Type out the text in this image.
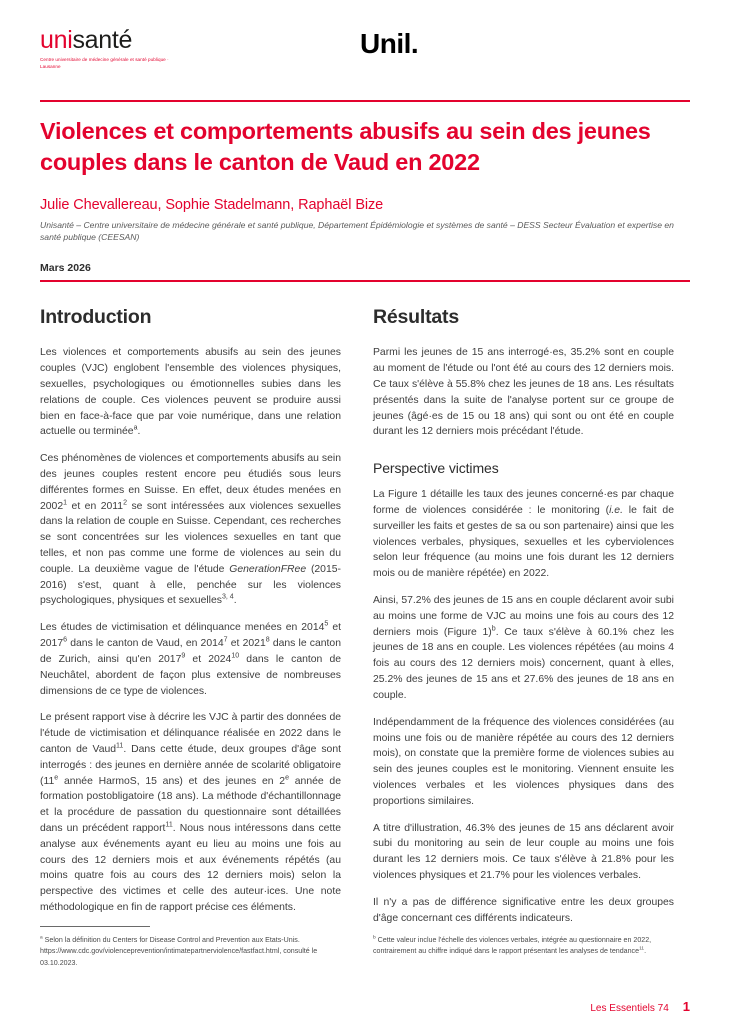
unisanté
Centre universitaire de médecine générale et santé publique · Lausanne
Unil.
Violences et comportements abusifs au sein des jeunes couples dans le canton de Vaud en 2022
Julie Chevallereau, Sophie Stadelmann, Raphaël Bize
Unisanté – Centre universitaire de médecine générale et santé publique, Département Épidémiologie et systèmes de santé – DESS Secteur Évaluation et expertise en santé publique (CEESAN)
Mars 2026
Introduction

Les violences et comportements abusifs au sein des jeunes couples (VJC) englobent l'ensemble des violences physiques, sexuelles, psychologiques ou émotionnelles subies dans les relations de couple. Ces violences peuvent se produire aussi bien en face-à-face que par voie numérique, dans une relation actuelle ou terminée$^a$.

Ces phénomènes de violences et comportements abusifs au sein des jeunes couples restent encore peu étudiés sous leurs différentes formes en Suisse. En effet, deux études menées en 2002$^1$ et en 2011$^2$ se sont intéressées aux violences sexuelles dans la relation de couple en Suisse. Cependant, ces recherches se sont concentrées sur les violences sexuelles en tant que telles, et non pas comme une forme de violences au sein du couple. La deuxième vague de l'étude GenerationFRee (2015-2016) s'est, quant à elle, penchée sur les violences psychologiques, physiques et sexuelles$^{3, 4}$.

Les études de victimisation et délinquance menées en 2014$^5$ et 2017$^6$ dans le canton de Vaud, en 2014$^7$ et 2021$^8$ dans le canton de Zurich, ainsi qu'en 2017$^9$ et 2024$^{10}$ dans le canton de Neuchâtel, abordent de façon plus extensive de nombreuses dimensions de ce type de violences.

Le présent rapport vise à décrire les VJC à partir des données de l'étude de victimisation et délinquance réalisée en 2022 dans le canton de Vaud$^{11}$. Dans cette étude, deux groupes d'âge sont interrogés : des jeunes en dernière année de scolarité obligatoire (11e année HarmoS, 15 ans) et des jeunes en 2e année de formation postobligatoire (18 ans). La méthode d'échantillonnage et la procédure de passation du questionnaire sont détaillées dans un précédent rapport$^{11}$. Nous nous intéressons dans cette analyse aux événements ayant eu lieu au moins une fois au cours des 12 derniers mois et aux événements répétés (au moins quatre fois au cours des 12 derniers mois) selon la perspective des victimes et celle des auteur·ices. Une note méthodologique en fin de rapport précise ces éléments.

Résultats

Parmi les jeunes de 15 ans interrogé·es, 35.2% sont en couple au moment de l'étude ou l'ont été au cours des 12 derniers mois. Ce taux s'élève à 55.8% chez les jeunes de 18 ans. Les résultats présentés dans la suite de l'analyse portent sur ce groupe de jeunes (âgé·es de 15 ou 18 ans) qui sont ou ont été en couple durant les 12 derniers mois précédant l'étude.

Perspective victimes

La Figure 1 détaille les taux des jeunes concerné·es par chaque forme de violences considérée : le monitoring (i.e. le fait de surveiller les faits et gestes de sa ou son partenaire) ainsi que les violences verbales, physiques, sexuelles et les cyberviolences selon leur fréquence (au moins une fois durant les 12 derniers mois ou de manière répétée) en 2022.

Ainsi, 57.2% des jeunes de 15 ans en couple déclarent avoir subi au moins une forme de VJC au moins une fois au cours des 12 derniers mois (Figure 1)$^b$. Ce taux s'élève à 60.1% chez les jeunes de 18 ans en couple. Les violences répétées (au moins 4 fois au cours des 12 derniers mois) concernent, quant à elles, 25.2% des jeunes de 15 ans et 27.6% des jeunes de 18 ans en couple.

Indépendamment de la fréquence des violences considérées (au moins une fois ou de manière répétée au cours des 12 derniers mois), on constate que la première forme de violences subies au sein des jeunes couples est le monitoring. Viennent ensuite les violences verbales et les violences physiques dans des proportions similaires.

A titre d'illustration, 46.3% des jeunes de 15 ans déclarent avoir subi du monitoring au sein de leur couple au moins une fois durant les 12 derniers mois. Ce taux s'élève à 21.8% pour les violences physiques et 21.7% pour les violences verbales.

Il n'y a pas de différence significative entre les deux groupes d'âge concernant ces différents indicateurs.

$^a$ Selon la définition du Centers for Disease Control and Prevention aux Etats-Unis. https://www.cdc.gov/violenceprevention/intimatepartnerviolence/fastfact.html, consulté le 03.10.2023.

$^b$ Cette valeur inclue l'échelle des violences verbales, intégrée au questionnaire en 2022, contrairement au chiffre indiqué dans le rapport présentant les analyses de tendance$^{11}$.

Les Essentiels 74 1
